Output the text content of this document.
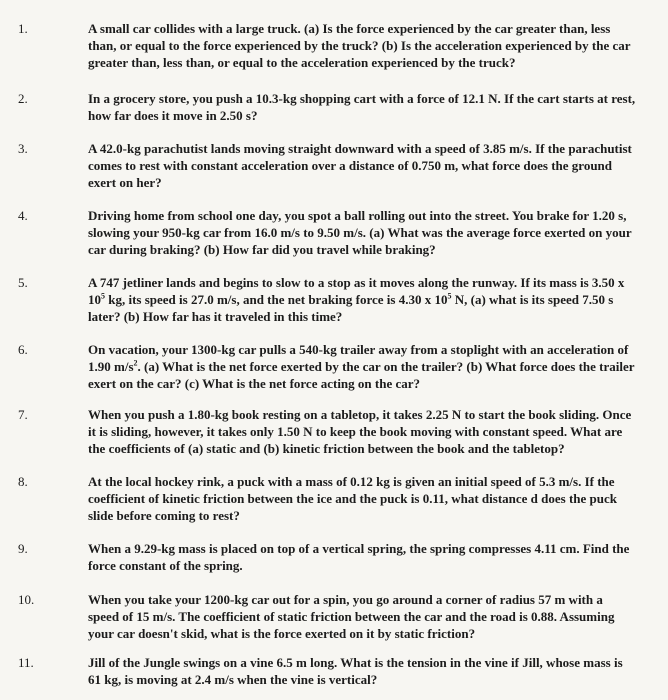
1.	A small car collides with a large truck. (a) Is the force experienced by the car greater than, less than, or equal to the force experienced by the truck? (b) Is the acceleration experienced by the car greater than, less than, or equal to the acceleration experienced by the truck?
2.	In a grocery store, you push a 10.3-kg shopping cart with a force of 12.1 N. If the cart starts at rest, how far does it move in 2.50 s?
3.	A 42.0-kg parachutist lands moving straight downward with a speed of 3.85 m/s. If the parachutist comes to rest with constant acceleration over a distance of 0.750 m, what force does the ground exert on her?
4.	Driving home from school one day, you spot a ball rolling out into the street. You brake for 1.20 s, slowing your 950-kg car from 16.0 m/s to 9.50 m/s. (a) What was the average force exerted on your car during braking? (b) How far did you travel while braking?
5.	A 747 jetliner lands and begins to slow to a stop as it moves along the runway. If its mass is 3.50 x $10^5$ kg, its speed is 27.0 m/s, and the net braking force is 4.30 x $10^5$ N, (a) what is its speed 7.50 s later? (b) How far has it traveled in this time?
6.	On vacation, your 1300-kg car pulls a 540-kg trailer away from a stoplight with an acceleration of 1.90 $m/s^2$. (a) What is the net force exerted by the car on the trailer? (b) What force does the trailer exert on the car? (c) What is the net force acting on the car?
7.	When you push a 1.80-kg book resting on a tabletop, it takes 2.25 N to start the book sliding. Once it is sliding, however, it takes only 1.50 N to keep the book moving with constant speed. What are the coefficients of (a) static and (b) kinetic friction between the book and the tabletop?
8.	At the local hockey rink, a puck with a mass of 0.12 kg is given an initial speed of 5.3 m/s. If the coefficient of kinetic friction between the ice and the puck is 0.11, what distance d does the puck slide before coming to rest?
9.	When a 9.29-kg mass is placed on top of a vertical spring, the spring compresses 4.11 cm. Find the force constant of the spring.
10.	When you take your 1200-kg car out for a spin, you go around a corner of radius 57 m with a speed of 15 m/s. The coefficient of static friction between the car and the road is 0.88. Assuming your car doesn't skid, what is the force exerted on it by static friction?
11.	Jill of the Jungle swings on a vine 6.5 m long. What is the tension in the vine if Jill, whose mass is 61 kg, is moving at 2.4 m/s when the vine is vertical?
